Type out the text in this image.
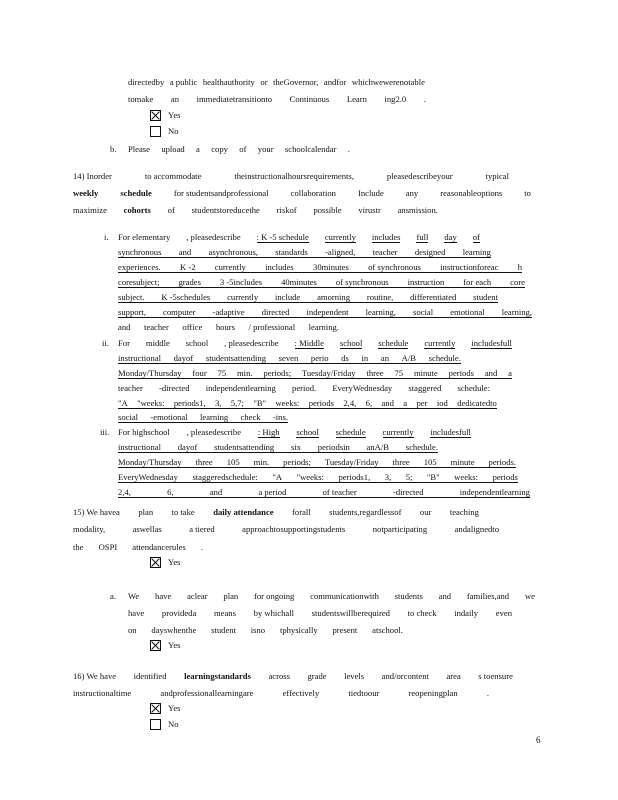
directedby a public healthauthority or theGovernor, andfor whichwewerenotable
tomake an immediatetransitionto Continuous Learn ing2.0 .
Yes
No
b. Please upload a copy of your schoolcalendar .
14) Inorder	to accommodate	theinstructionalhoursrequirements,	pleasedescribeyour	typical
weekly	schedule	for studentsandprofessional	collaboration	Include	any	reasonableoptions	to
maximize cohorts of studentstoreducethe riskof possible virustr ansmission.
i. For elementary , pleasedescribe : K -5 schedule currently includes full day of
synchronous and asynchronous, standards -aligned, teacher designed learning
experiences. K -2 currently includes 30minutes of synchronous instructionforeac h
coresubject; grades 3 -5includes 40minutes of synchronous instruction for each core
subject. K -5schedules currently include amorning routine, differentiated student
support, computer -adaptive directed independent learning, social emotional learning,
and teacher office hours / professional learning.
ii. For middle school , pleasedescribe : Middle school schedule currently includesfull
instructional dayof studentsattending seven perio ds in an A/B schedule.
Monday/Thursday four 75 min. periods; Tuesday/Friday three 75 minute periods and a
teacher -directed independentlearning period. EveryWednesday staggered schedule:
"A "weeks: periods1, 3, 5,7; "B" weeks: periods 2,4, 6, and a per iod dedicatedto
social -emotional learning check -ins.
iii. For highschool , pleasedescribe : High school schedule currently includesfull
instructional dayof studentsattending six periodsin anA/B schedule.
Monday/Thursday three 105 min. periods; Tuesday/Friday three 105 minute periods.
EveryWednesday staggeredschedule: "A "weeks: periods1, 3, 5; "B" weeks: periods
2,4,	6,	and	a period	of teacher	-directed	independentlearning
15) We havea plan to take daily attendance forall students,regardlessof our teaching
modality,	aswellas	a tiered	approachtosupportingstudents	notparticipating	andalignedto
the OSPI attendancerules .
Yes
a. We have aclear plan for ongoing communicationwith students and families,and we
have provideda means by whichall studentswillberequired to check indaily even
on dayswhenthe student isno tphysically present atschool.
Yes
16) We have identified learningstandards across grade levels and/orcontent area s toensure
instructionaltime	andprofessionallearningare	effectively	tiedtoour	reopeningplan	.
Yes
No
6
